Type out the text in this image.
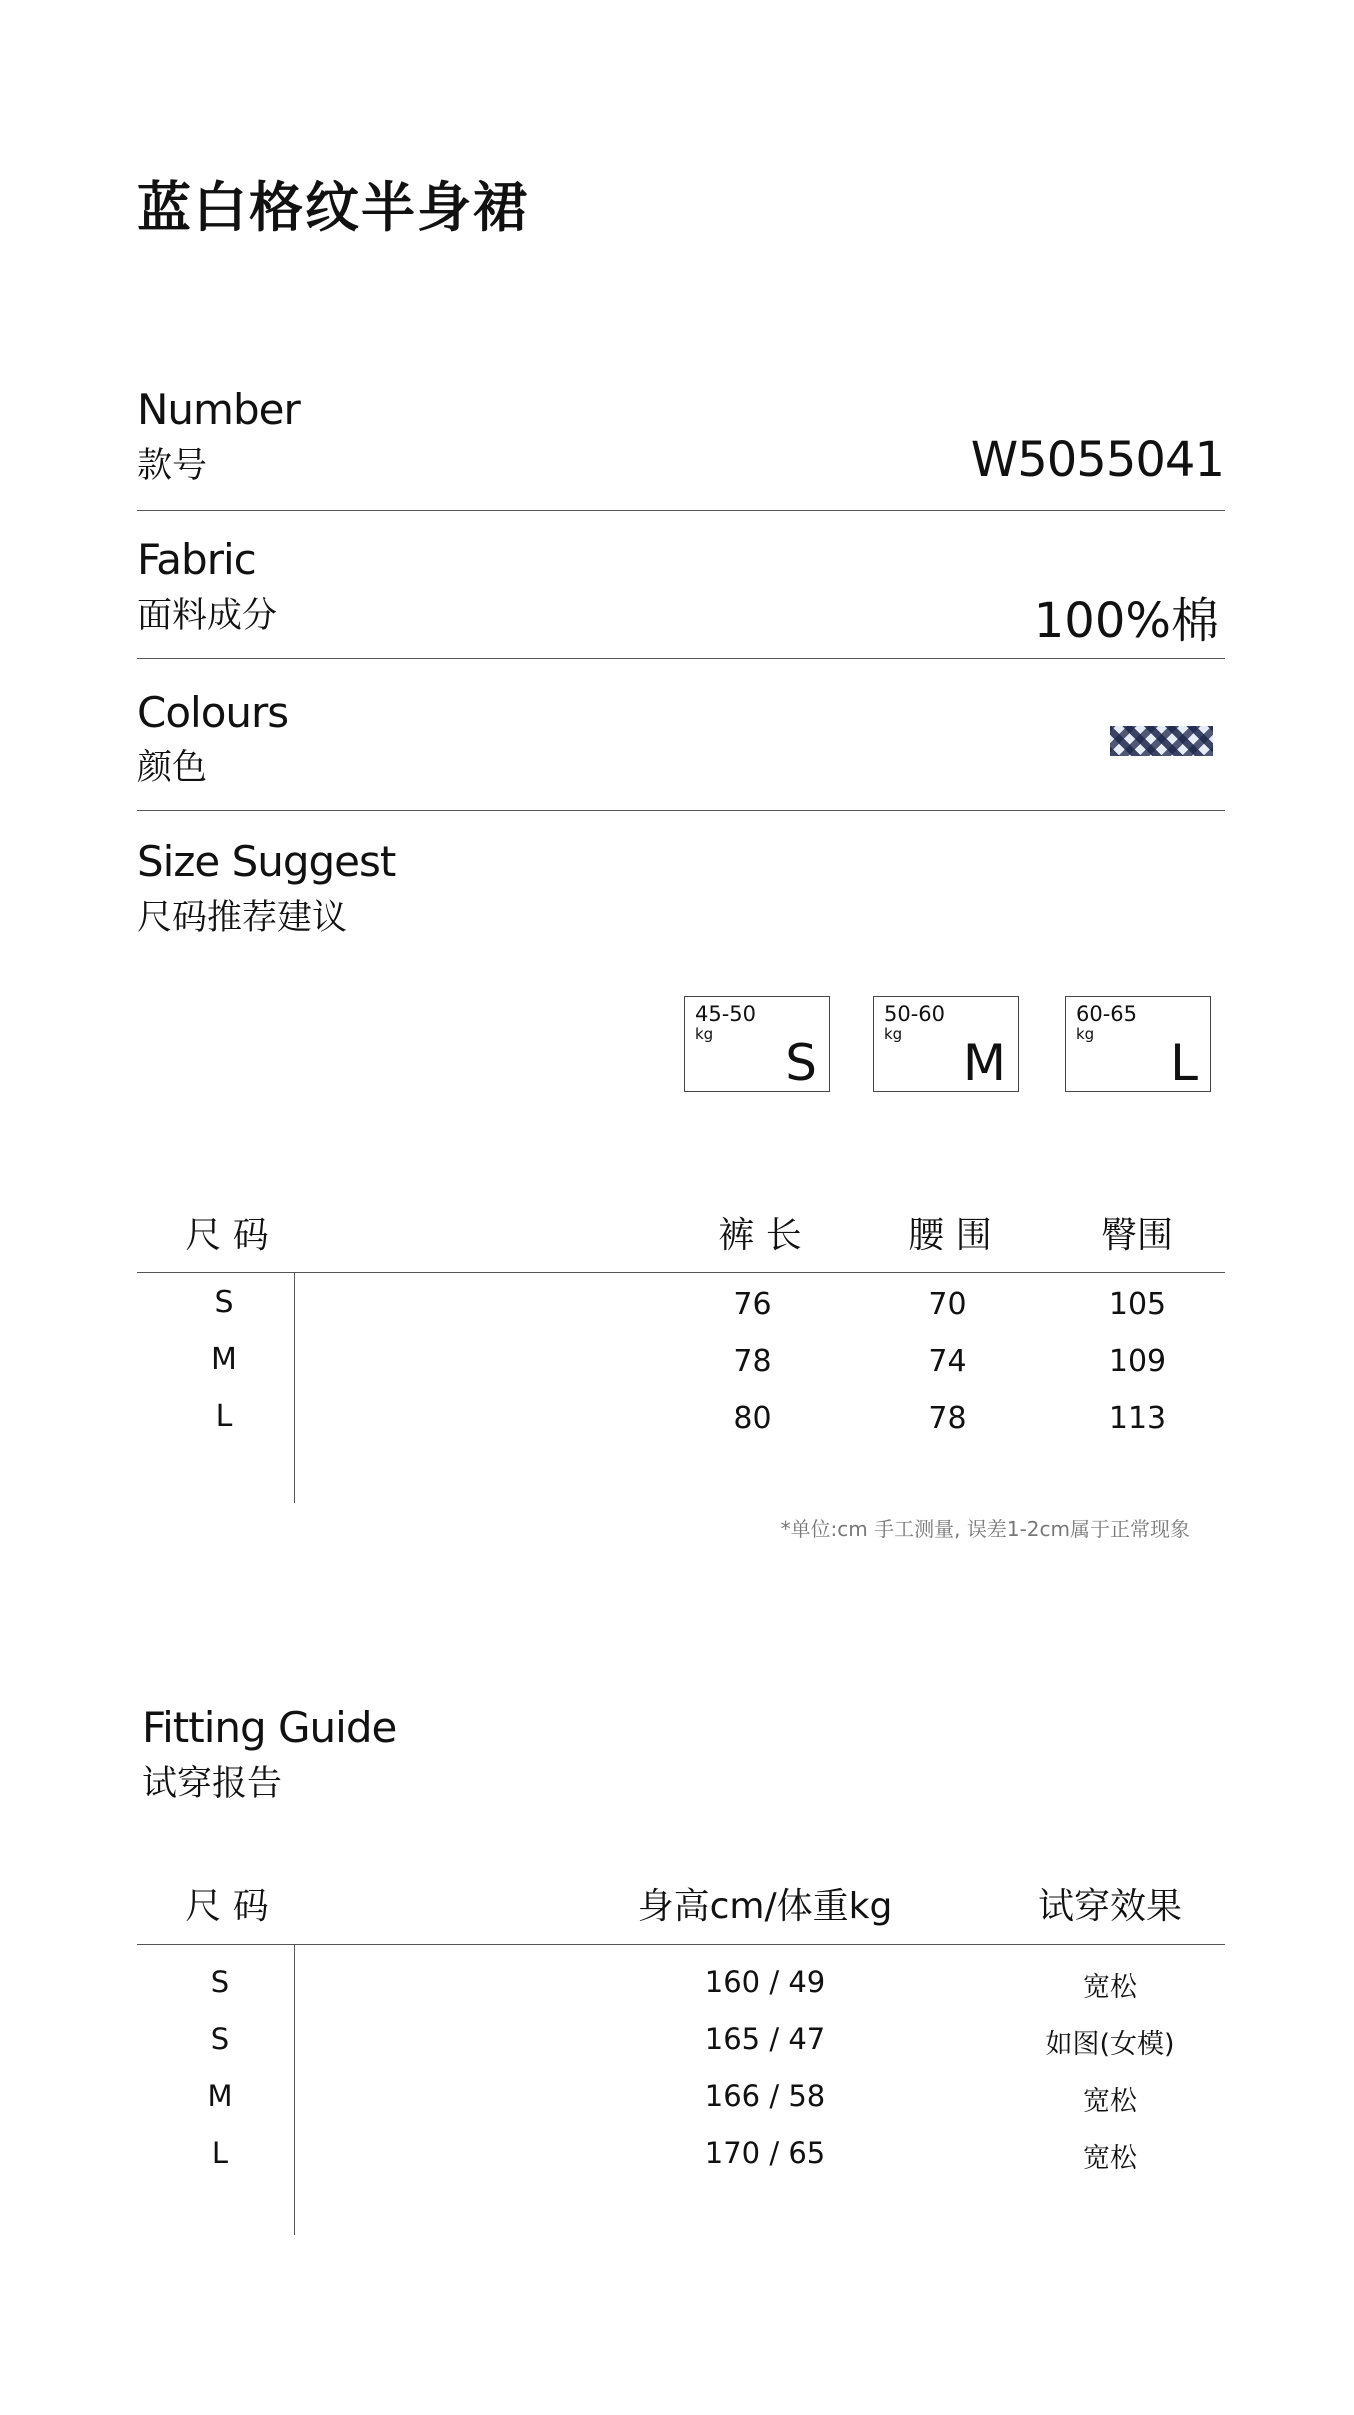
蓝白格纹半身裙
Number
款号	W5055041
Fabric
面料成分	100%棉
Colours
颜色
Size Suggest
尺码推荐建议
45-50
kg S
50-60
kg M
60-65
kg L
尺 码	裤 长	腰 围	臀围
S	76	70	105
M	78	74	109
L	80	78	113
*单位:cm 手工测量, 误差1-2cm属于正常现象
Fitting Guide
试穿报告
尺 码	身高cm/体重kg	试穿效果
S	160 / 49	宽松
S	165 / 47	如图(女模)
M	166 / 58	宽松
L	170 / 65	宽松
